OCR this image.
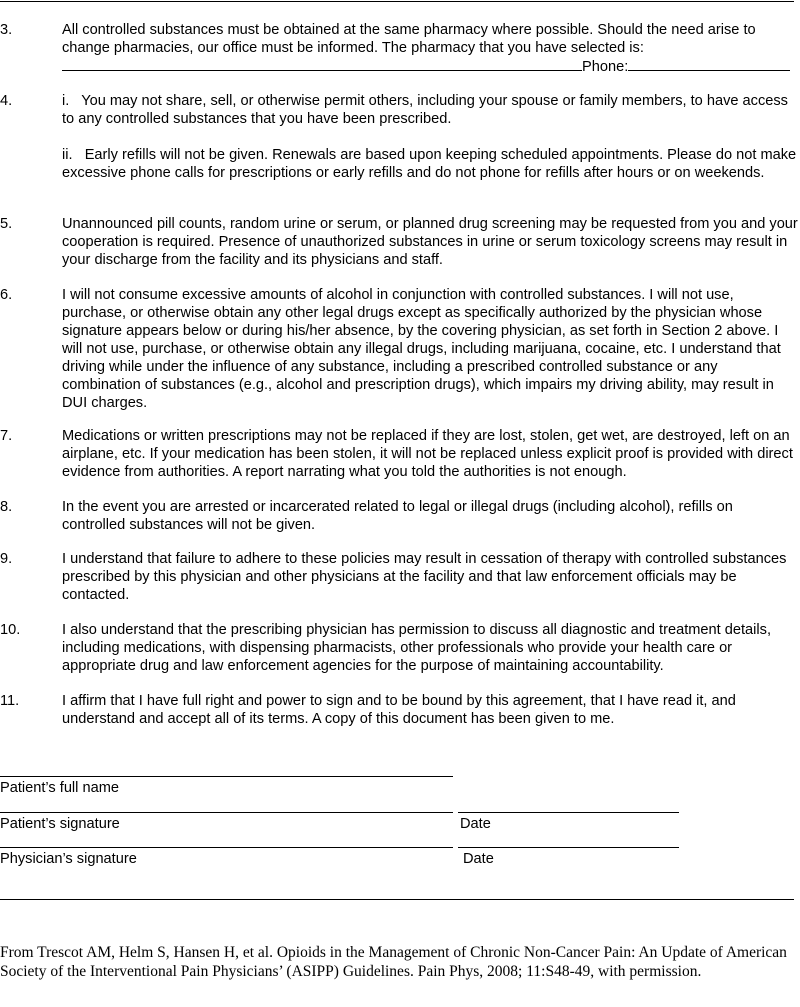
3.	All controlled substances must be obtained at the same pharmacy where possible. Should the need arise to change pharmacies, our office must be informed. The pharmacy that you have selected is:

Phone:
4.	i.   You may not share, sell, or otherwise permit others, including your spouse or family members, to have access to any controlled substances that you have been prescribed.

ii.   Early refills will not be given. Renewals are based upon keeping scheduled appointments. Please do not make excessive phone calls for prescriptions or early refills and do not phone for refills after hours or on weekends.

5.	Unannounced pill counts, random urine or serum, or planned drug screening may be requested from you and your cooperation is required. Presence of unauthorized substances in urine or serum toxicology screens may result in your discharge from the facility and its physicians and staff.

6.	I will not consume excessive amounts of alcohol in conjunction with controlled substances. I will not use, purchase, or otherwise obtain any other legal drugs except as specifically authorized by the physician whose signature appears below or during his/her absence, by the covering physician, as set forth in Section 2 above. I will not use, purchase, or otherwise obtain any illegal drugs, including marijuana, cocaine, etc. I understand that driving while under the influence of any substance, including a prescribed controlled substance or any combination of substances (e.g., alcohol and prescription drugs), which impairs my driving ability, may result in DUI charges.

7.	Medications or written prescriptions may not be replaced if they are lost, stolen, get wet, are destroyed, left on an airplane, etc. If your medication has been stolen, it will not be replaced unless explicit proof is provided with direct evidence from authorities. A report narrating what you told the authorities is not enough.

8.	In the event you are arrested or incarcerated related to legal or illegal drugs (including alcohol), refills on controlled substances will not be given.

9.	I understand that failure to adhere to these policies may result in cessation of therapy with controlled substances prescribed by this physician and other physicians at the facility and that law enforcement officials may be contacted.

10.	I also understand that the prescribing physician has permission to discuss all diagnostic and treatment details, including medications, with dispensing pharmacists, other professionals who provide your health care or appropriate drug and law enforcement agencies for the purpose of maintaining accountability.

11.	I affirm that I have full right and power to sign and to be bound by this agreement, that I have read it, and understand and accept all of its terms. A copy of this document has been given to me.

Patient’s full name
Patient’s signature	Date
Physician’s signature	Date
From Trescot AM, Helm S, Hansen H, et al. Opioids in the Management of Chronic Non-Cancer Pain: An Update of American Society of the Interventional Pain Physicians’ (ASIPP) Guidelines. Pain Phys, 2008; 11:S48-49, with permission.
